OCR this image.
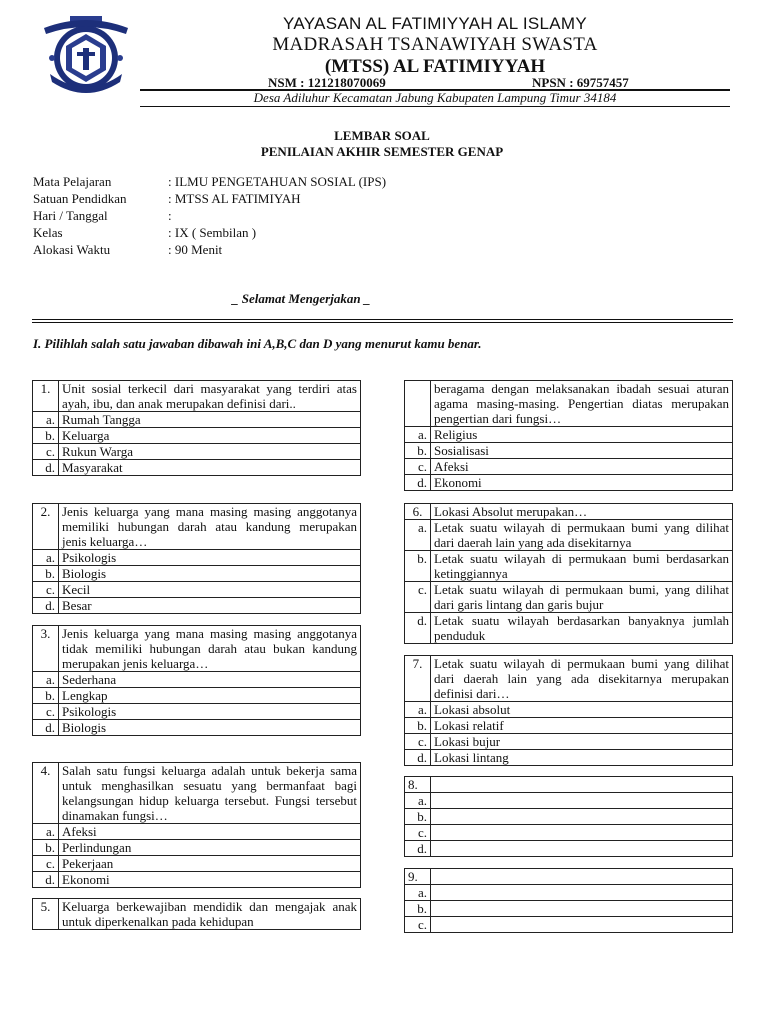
YAYASAN AL FATIMIYYAH AL ISLAMY
MADRASAH TSANAWIYAH SWASTA
(MTSS) AL FATIMIYYAH
NSM : 121218070069	NPSN : 69757457
Desa Adiluhur Kecamatan Jabung Kabupaten Lampung Timur 34184
LEMBAR SOAL
PENILAIAN AKHIR SEMESTER GENAP
Mata Pelajaran	: ILMU PENGETAHUAN SOSIAL (IPS)
Satuan Pendidkan	: MTSS AL FATIMIYAH
Hari / Tanggal	:
Kelas	: IX ( Sembilan )
Alokasi Waktu	: 90 Menit
_ Selamat Mengerjakan _
I. Pilihlah salah satu jawaban dibawah ini A,B,C dan D yang menurut kamu benar.
1.	Unit sosial terkecil dari masyarakat yang terdiri atas ayah, ibu, dan anak merupakan definisi dari..
a.	Rumah Tangga
b.	Keluarga
c.	Rukun Warga
d.	Masyarakat
2.	Jenis keluarga yang mana masing masing anggotanya memiliki hubungan darah atau kandung merupakan jenis keluarga…
a.	Psikologis
b.	Biologis
c.	Kecil
d.	Besar
3.	Jenis keluarga yang mana masing masing anggotanya tidak memiliki hubungan darah atau bukan kandung merupakan jenis keluarga…
a.	Sederhana
b.	Lengkap
c.	Psikologis
d.	Biologis
4.	Salah satu fungsi keluarga adalah untuk bekerja sama untuk menghasilkan sesuatu yang bermanfaat bagi kelangsungan hidup keluarga tersebut. Fungsi tersebut dinamakan fungsi…
a.	Afeksi
b.	Perlindungan
c.	Pekerjaan
d.	Ekonomi
5.	Keluarga berkewajiban mendidik dan mengajak anak untuk diperkenalkan pada kehidupan
	beragama dengan melaksanakan ibadah sesuai aturan agama masing-masing. Pengertian diatas merupakan pengertian dari fungsi…
a.	Religius
b.	Sosialisasi
c.	Afeksi
d.	Ekonomi
6.	Lokasi Absolut merupakan…
a.	Letak suatu wilayah di permukaan bumi yang dilihat dari daerah lain yang ada disekitarnya
b.	Letak suatu wilayah di permukaan bumi berdasarkan ketinggiannya
c.	Letak suatu wilayah di permukaan bumi, yang dilihat dari garis lintang dan garis bujur
d.	Letak suatu wilayah berdasarkan banyaknya jumlah penduduk
7.	Letak suatu wilayah di permukaan bumi yang dilihat dari daerah lain yang ada disekitarnya merupakan definisi dari…
a.	Lokasi absolut
b.	Lokasi relatif
c.	Lokasi bujur
d.	Lokasi lintang
8.	
a.	
b.	
c.	
d.	
9.	
a.	
b.	
c.	
